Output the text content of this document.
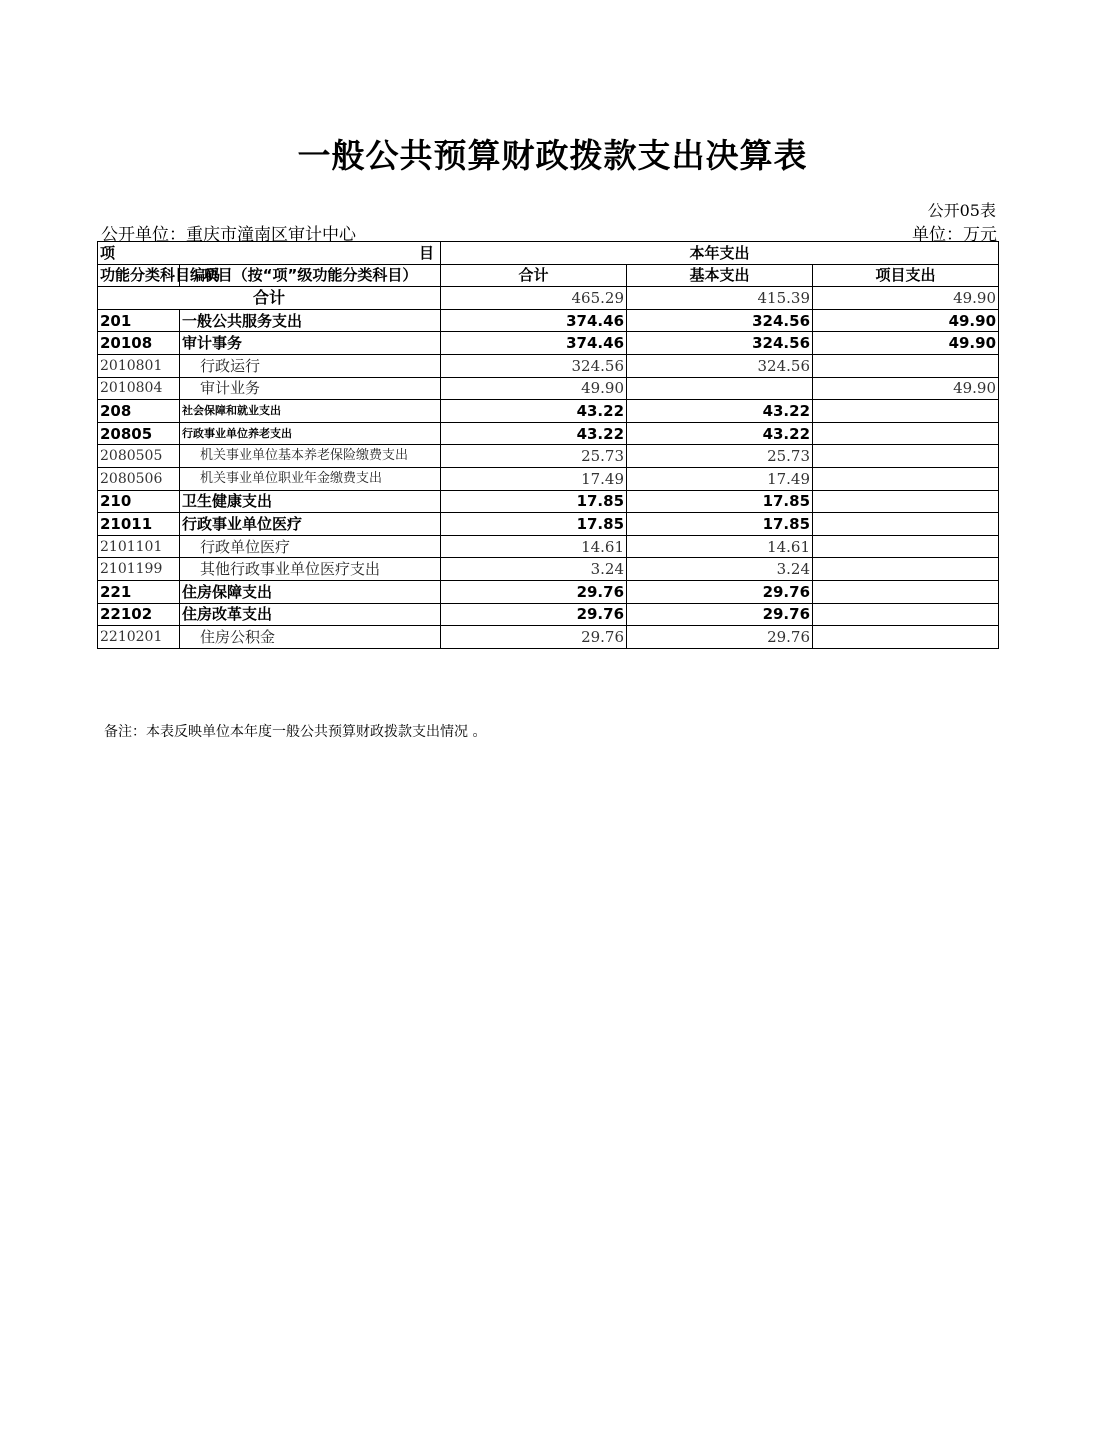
一般公共预算财政拨款支出决算表
公开05表
公开单位：重庆市潼南区审计中心	单位：万元
项 目		本年支出		
功能分类科目编码	项目（按“项”级功能分类科目）	合计	基本支出	项目支出
合计		465.29	415.39	49.90
201	一般公共服务支出	374.46	324.56	49.90
20108	审计事务	374.46	324.56	49.90
2010801	行政运行	324.56	324.56	
2010804	审计业务	49.90		49.90
208	社会保障和就业支出	43.22	43.22	
20805	行政事业单位养老支出	43.22	43.22	
2080505	机关事业单位基本养老保险缴费支出	25.73	25.73	
2080506	机关事业单位职业年金缴费支出	17.49	17.49	
210	卫生健康支出	17.85	17.85	
21011	行政事业单位医疗	17.85	17.85	
2101101	行政单位医疗	14.61	14.61	
2101199	其他行政事业单位医疗支出	3.24	3.24	
221	住房保障支出	29.76	29.76	
22102	住房改革支出	29.76	29.76	
2210201	住房公积金	29.76	29.76	
备注：本表反映单位本年度一般公共预算财政拨款支出情况 。
